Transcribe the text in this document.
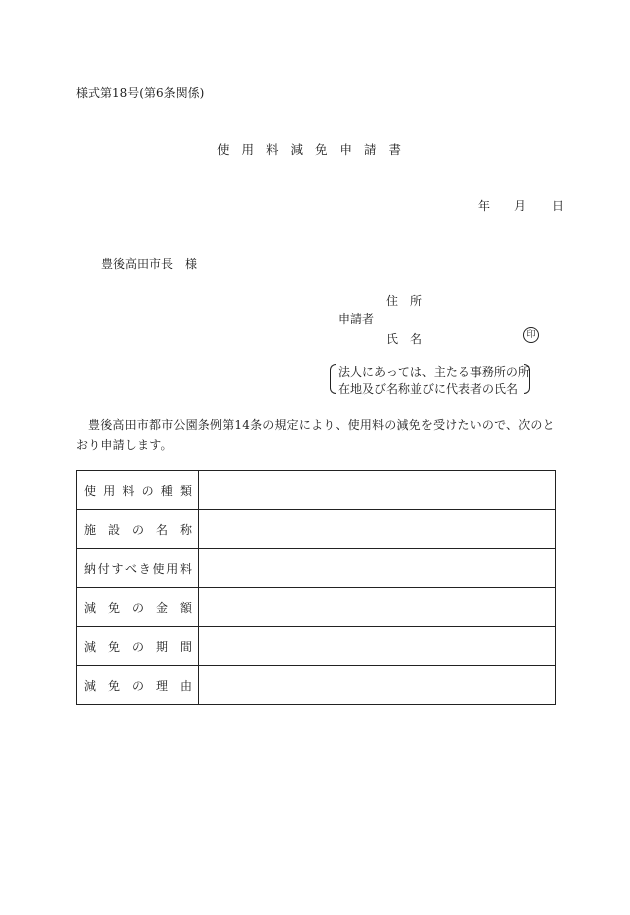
様式第18号(第6条関係)
使用料減免申請書
年 月 日
豊後高田市長 様
住所
申請者
氏名	印
法人にあっては、主たる事務所の所
在地及び名称並びに代表者の氏名
豊後高田市都市公園条例第14条の規定により、使用料の減免を受けたいので、次のとおり申請します。
使用料の種類	
施設の名称	
納付すべき使用料	
減免の金額	
減免の期間	
減免の理由	
